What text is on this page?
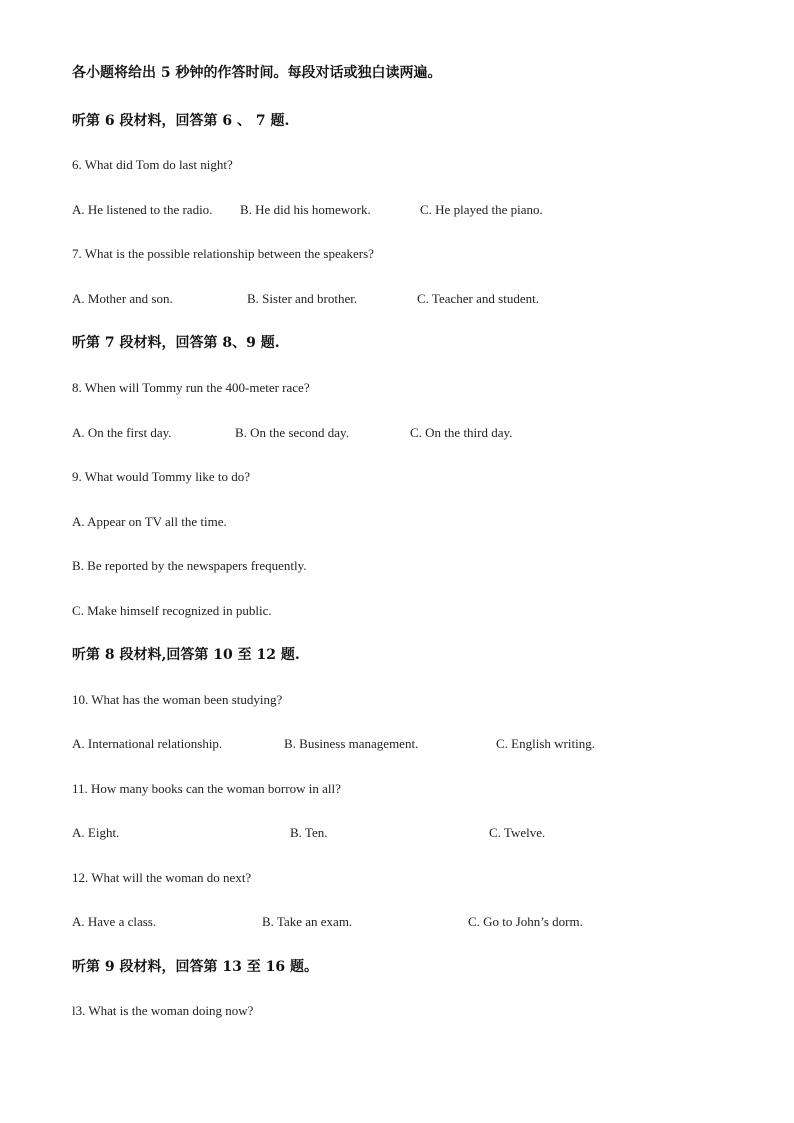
各小题将给出 5 秒钟的作答时间。每段对话或独白读两遍。
听第 6 段材料，回答第 6 、 7 题.
6. What did Tom do last night?
A. He listened to the radio. B. He did his homework.	C. He played the piano.
7. What is the possible relationship between the speakers?
A. Mother and son.	B. Sister and brother.	C. Teacher and student.
听第 7 段材料，回答第 8、9 题.
8. When will Tommy run the 400-meter race?
A. On the first day.	B. On the second day.	C. On the third day.
9. What would Tommy like to do?
A. Appear on TV all the time.
B. Be reported by the newspapers frequently.
C. Make himself recognized in public.
听第 8 段材料,回答第 10 至 12 题.
10. What has the woman been studying?
A. International relationship.	B. Business management.	C. English writing.
11. How many books can the woman borrow in all?
A. Eight.	B. Ten.	C. Twelve.
12. What will the woman do next?
A. Have a class.	B. Take an exam.	C. Go to John’s dorm.
听第 9 段材料，回答第 13 至 16 题。
l3. What is the woman doing now?
